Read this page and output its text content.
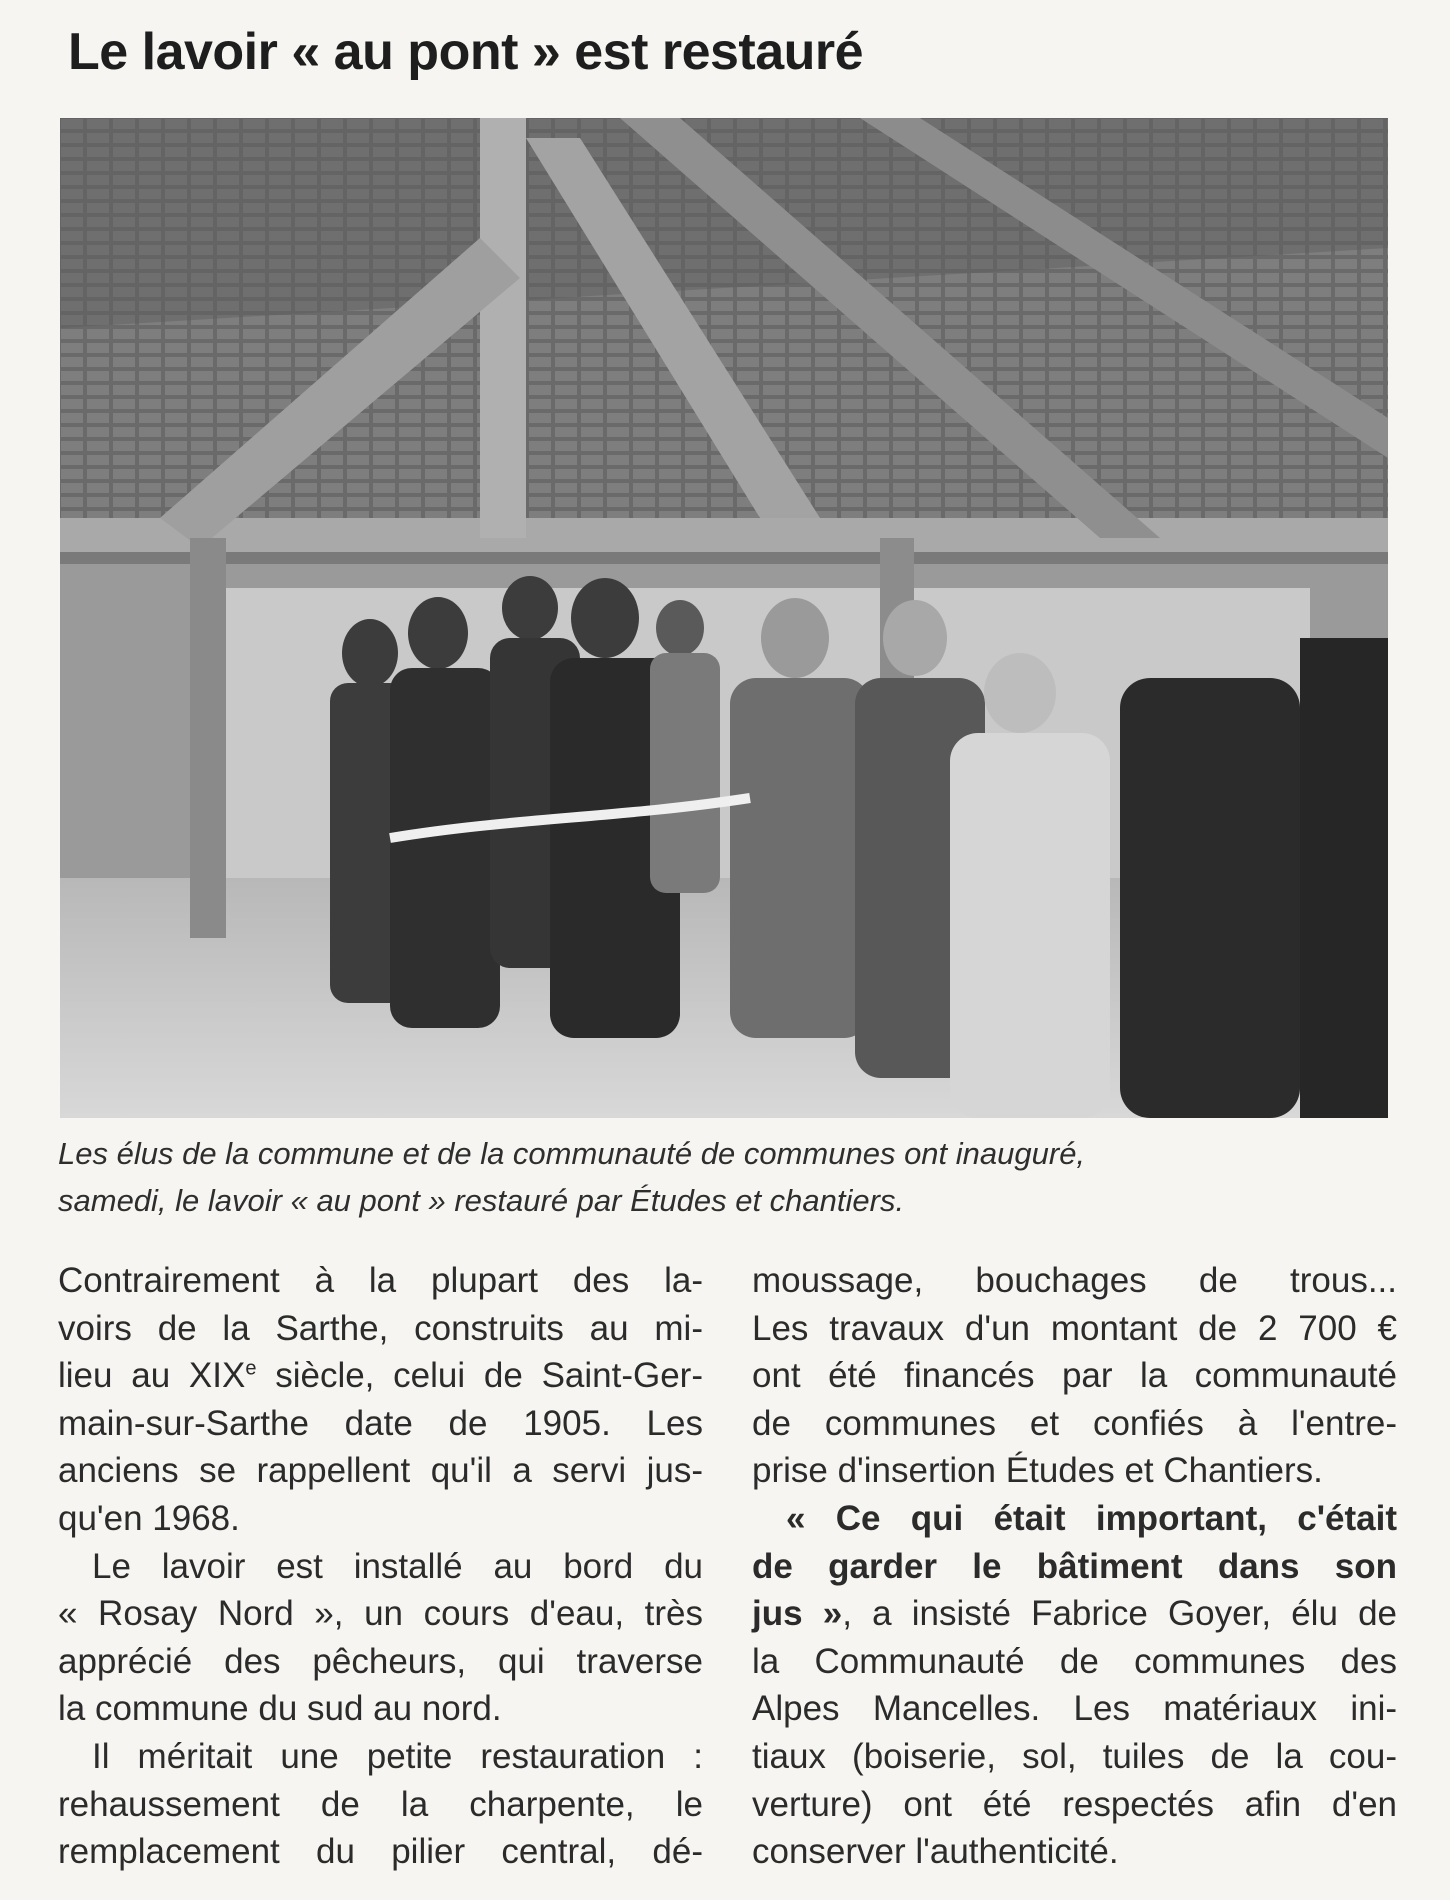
Le lavoir « au pont » est restauré

Les élus de la commune et de la communauté de communes ont inauguré,

samedi, le lavoir « au pont » restauré par Études et chantiers.

Contrairement à la plupart des la-
voirs de la Sarthe, construits au mi-
lieu au XIXe siècle, celui de Saint-Ger-
main-sur-Sarthe date de 1905. Les
anciens se rappellent qu'il a servi jus-
qu'en 1968.

Le lavoir est installé au bord du
« Rosay Nord », un cours d'eau, très
apprécié des pêcheurs, qui traverse
la commune du sud au nord.

Il méritait une petite restauration :
rehaussement de la charpente, le
remplacement du pilier central, dé-

moussage, bouchages de trous...
Les travaux d'un montant de 2 700 €
ont été financés par la communauté
de communes et confiés à l'entre-
prise d'insertion Études et Chantiers.

« Ce qui était important, c'était
de garder le bâtiment dans son
jus », a insisté Fabrice Goyer, élu de
la Communauté de communes des
Alpes Mancelles. Les matériaux ini-
tiaux (boiserie, sol, tuiles de la cou-
verture) ont été respectés afin d'en
conserver l'authenticité.
